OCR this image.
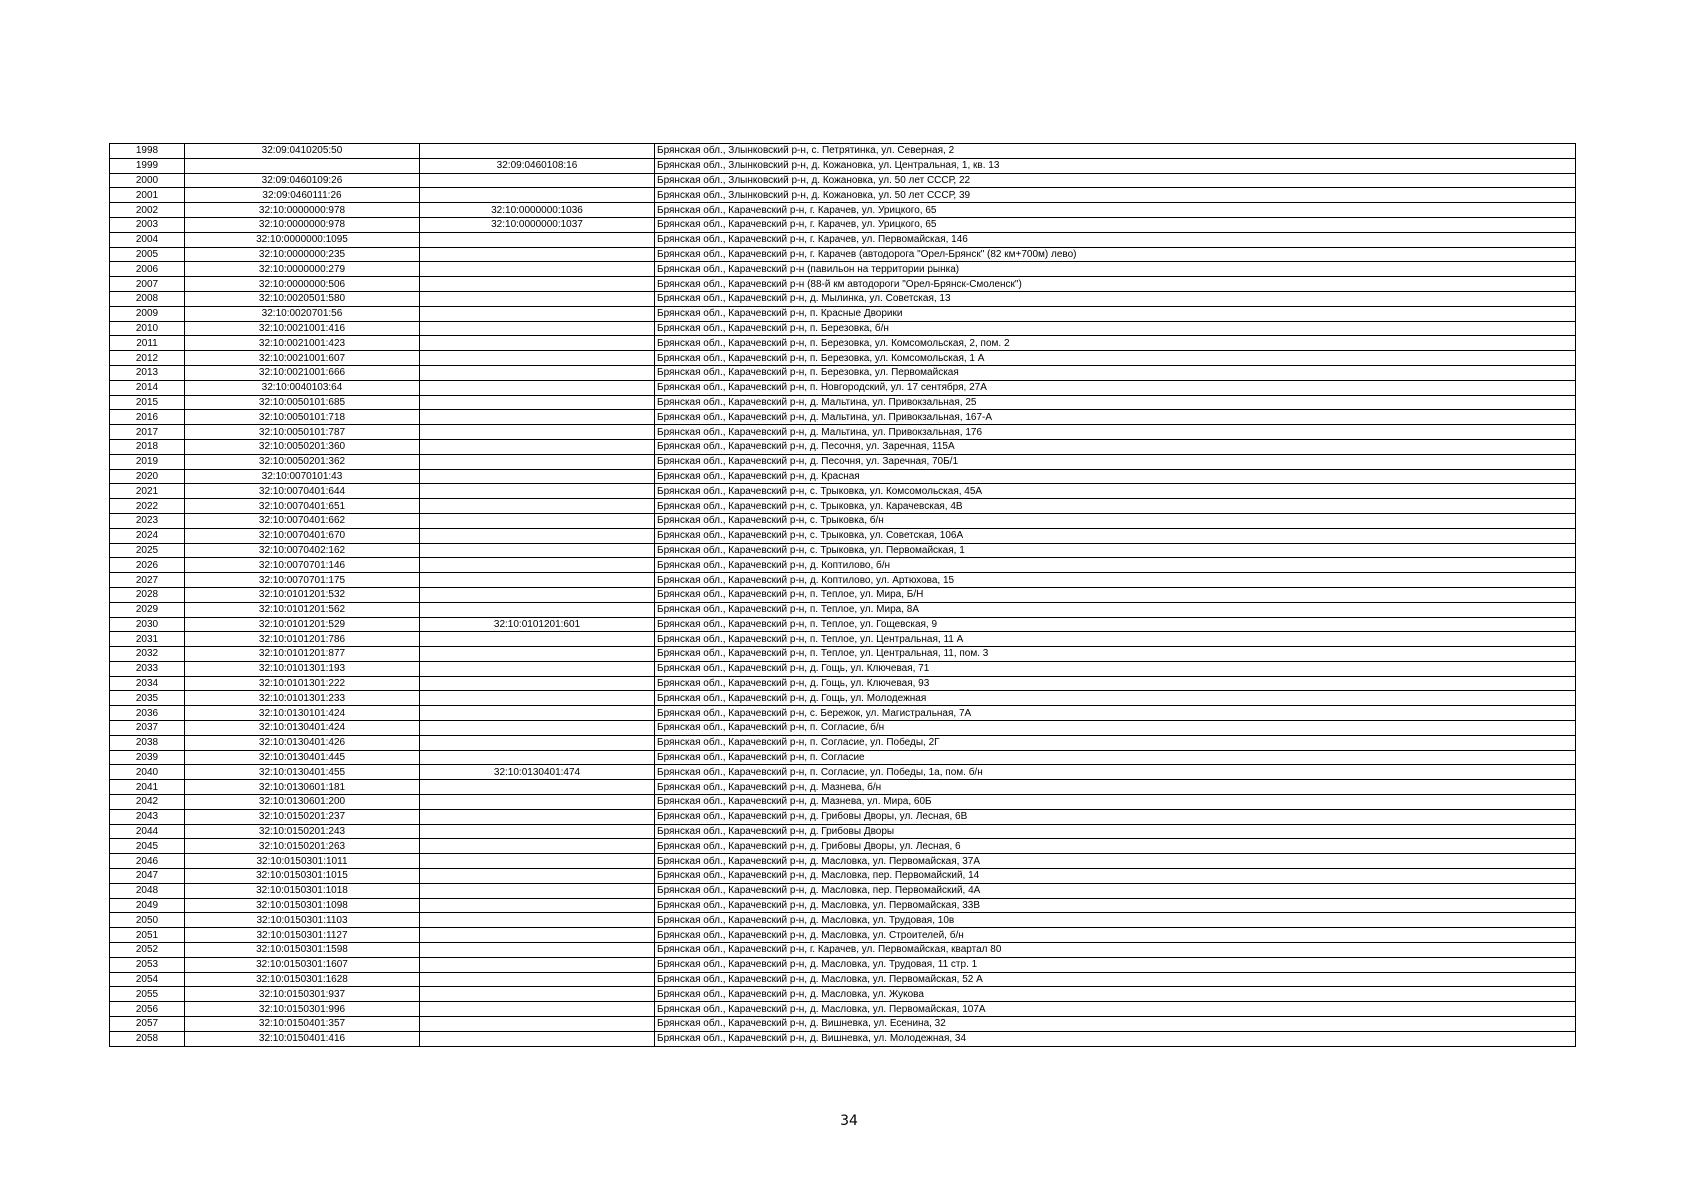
1998	32:09:0410205:50		Брянская обл., Злынковский р-н, с. Петрятинка, ул. Северная, 2
1999		32:09:0460108:16	Брянская обл., Злынковский р-н, д. Кожановка, ул. Центральная, 1, кв. 13
2000	32:09:0460109:26		Брянская обл., Злынковский р-н, д. Кожановка, ул. 50 лет СССР, 22
2001	32:09:0460111:26		Брянская обл., Злынковский р-н, д. Кожановка, ул. 50 лет СССР, 39
2002	32:10:0000000:978	32:10:0000000:1036	Брянская обл., Карачевский р-н, г. Карачев, ул. Урицкого, 65
2003	32:10:0000000:978	32:10:0000000:1037	Брянская обл., Карачевский р-н, г. Карачев, ул. Урицкого, 65
2004	32:10:0000000:1095		Брянская обл., Карачевский р-н, г. Карачев, ул. Первомайская, 146
2005	32:10:0000000:235		Брянская обл., Карачевский р-н, г. Карачев (автодорога "Орел-Брянск" (82 км+700м) лево)
2006	32:10:0000000:279		Брянская обл., Карачевский р-н (павильон на территории рынка)
2007	32:10:0000000:506		Брянская обл., Карачевский р-н (88-й км автодороги "Орел-Брянск-Смоленск")
2008	32:10:0020501:580		Брянская обл., Карачевский р-н, д. Мылинка, ул. Советская, 13
2009	32:10:0020701:56		Брянская обл., Карачевский р-н, п. Красные Дворики
2010	32:10:0021001:416		Брянская обл., Карачевский р-н, п. Березовка, б/н
2011	32:10:0021001:423		Брянская обл., Карачевский р-н, п. Березовка, ул. Комсомольская, 2, пом. 2
2012	32:10:0021001:607		Брянская обл., Карачевский р-н, п. Березовка, ул. Комсомольская, 1 А
2013	32:10:0021001:666		Брянская обл., Карачевский р-н, п. Березовка, ул. Первомайская
2014	32:10:0040103:64		Брянская обл., Карачевский р-н, п. Новгородский, ул. 17 сентября, 27А
2015	32:10:0050101:685		Брянская обл., Карачевский р-н, д. Мальтина, ул. Привокзальная, 25
2016	32:10:0050101:718		Брянская обл., Карачевский р-н, д. Мальтина, ул. Привокзальная, 167-А
2017	32:10:0050101:787		Брянская обл., Карачевский р-н, д. Мальтина, ул. Привокзальная, 176
2018	32:10:0050201:360		Брянская обл., Карачевский р-н, д. Песочня, ул. Заречная, 115А
2019	32:10:0050201:362		Брянская обл., Карачевский р-н, д. Песочня, ул. Заречная, 70Б/1
2020	32:10:0070101:43		Брянская обл., Карачевский р-н, д. Красная
2021	32:10:0070401:644		Брянская обл., Карачевский р-н, с. Трыковка, ул. Комсомольская, 45А
2022	32:10:0070401:651		Брянская обл., Карачевский р-н, с. Трыковка, ул. Карачевская, 4В
2023	32:10:0070401:662		Брянская обл., Карачевский р-н, с. Трыковка, б/н
2024	32:10:0070401:670		Брянская обл., Карачевский р-н, с. Трыковка, ул. Советская, 106А
2025	32:10:0070402:162		Брянская обл., Карачевский р-н, с. Трыковка, ул. Первомайская, 1
2026	32:10:0070701:146		Брянская обл., Карачевский р-н, д. Коптилово, б/н
2027	32:10:0070701:175		Брянская обл., Карачевский р-н, д. Коптилово, ул. Артюхова, 15
2028	32:10:0101201:532		Брянская обл., Карачевский р-н, п. Теплое, ул. Мира, Б/Н
2029	32:10:0101201:562		Брянская обл., Карачевский р-н, п. Теплое, ул. Мира, 8А
2030	32:10:0101201:529	32:10:0101201:601	Брянская обл., Карачевский р-н, п. Теплое, ул. Гощевская, 9
2031	32:10:0101201:786		Брянская обл., Карачевский р-н, п. Теплое, ул. Центральная, 11 А
2032	32:10:0101201:877		Брянская обл., Карачевский р-н, п. Теплое, ул. Центральная, 11, пом. 3
2033	32:10:0101301:193		Брянская обл., Карачевский р-н, д. Гощь, ул. Ключевая, 71
2034	32:10:0101301:222		Брянская обл., Карачевский р-н, д. Гощь, ул. Ключевая, 93
2035	32:10:0101301:233		Брянская обл., Карачевский р-н, д. Гощь, ул. Молодежная
2036	32:10:0130101:424		Брянская обл., Карачевский р-н, с. Бережок, ул. Магистральная, 7А
2037	32:10:0130401:424		Брянская обл., Карачевский р-н, п. Согласие, б/н
2038	32:10:0130401:426		Брянская обл., Карачевский р-н, п. Согласие, ул. Победы, 2Г
2039	32:10:0130401:445		Брянская обл., Карачевский р-н, п. Согласие
2040	32:10:0130401:455	32:10:0130401:474	Брянская обл., Карачевский р-н, п. Согласие, ул. Победы, 1а, пом. б/н
2041	32:10:0130601:181		Брянская обл., Карачевский р-н, д. Мазнева, б/н
2042	32:10:0130601:200		Брянская обл., Карачевский р-н, д. Мазнева, ул. Мира, 60Б
2043	32:10:0150201:237		Брянская обл., Карачевский р-н, д. Грибовы Дворы, ул. Лесная, 6В
2044	32:10:0150201:243		Брянская обл., Карачевский р-н, д. Грибовы Дворы
2045	32:10:0150201:263		Брянская обл., Карачевский р-н, д. Грибовы Дворы, ул. Лесная, 6
2046	32:10:0150301:1011		Брянская обл., Карачевский р-н, д. Масловка, ул. Первомайская, 37А
2047	32:10:0150301:1015		Брянская обл., Карачевский р-н, д. Масловка, пер. Первомайский, 14
2048	32:10:0150301:1018		Брянская обл., Карачевский р-н, д. Масловка, пер. Первомайский, 4А
2049	32:10:0150301:1098		Брянская обл., Карачевский р-н, д. Масловка, ул. Первомайская, 33В
2050	32:10:0150301:1103		Брянская обл., Карачевский р-н, д. Масловка, ул. Трудовая, 10в
2051	32:10:0150301:1127		Брянская обл., Карачевский р-н, д. Масловка, ул. Строителей, б/н
2052	32:10:0150301:1598		Брянская обл., Карачевский р-н, г. Карачев, ул. Первомайская, квартал 80
2053	32:10:0150301:1607		Брянская обл., Карачевский р-н, д. Масловка, ул. Трудовая, 11 стр. 1
2054	32:10:0150301:1628		Брянская обл., Карачевский р-н, д. Масловка, ул. Первомайская, 52 А
2055	32:10:0150301:937		Брянская обл., Карачевский р-н, д. Масловка, ул. Жукова
2056	32:10:0150301:996		Брянская обл., Карачевский р-н, д. Масловка, ул. Первомайская, 107А
2057	32:10:0150401:357		Брянская обл., Карачевский р-н, д. Вишневка, ул. Есенина, 32
2058	32:10:0150401:416		Брянская обл., Карачевский р-н, д. Вишневка, ул. Молодежная, 34
34
